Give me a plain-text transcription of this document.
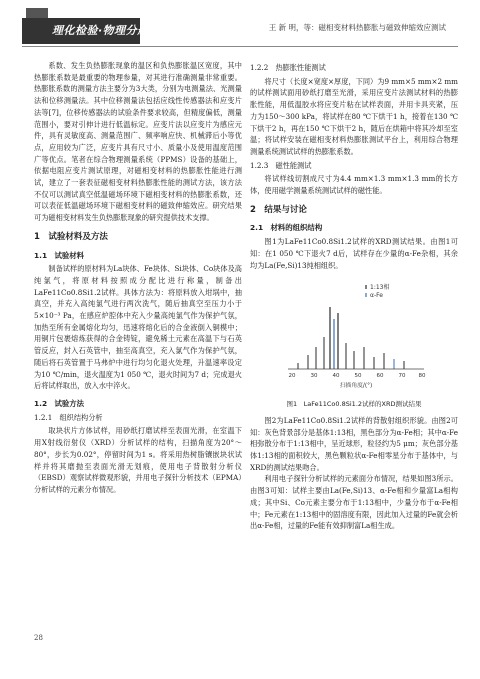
理化检验·物理分册	王 新 明，等：磁相变材料热膨胀与磁致伸缩效应测试

系数、发生负热膨胀现象的温区和负热膨胀温区宽度，其中热膨胀系数是最重要的物理参量，对其进行准确测量非常重要。热膨胀系数的测量方法主要分为3大类，分别为电测量法、光测量法和位移测量法。其中位移测量法包括应线性传感器法和应变片法等[7]，位移传感器法的试验条件要求较高，但精度偏低，测量范围小，要对引伸计进行低温标定。应变片法以应变片为感应元件，具有灵敏度高、测量范围广、频率响应快、机械滞后小等优点，应用较为广泛，应变片具有尺寸小、质量小及使用温度范围广等优点。笔者在综合物理测量系统（PPMS）设备的基础上，依据电阻应变片测试原理，对磁相变材料的热膨胀性能进行测试，建立了一套表征磁相变材料热膨胀性能的测试方法，该方法不仅可以测试真空低温磁场环境下磁相变材料的热膨胀系数，还可以表征低温磁场环境下磁相变材料的磁致伸缩效应。研究结果可为磁相变材料发生负热膨胀现象的研究提供技术支撑。

1　试验材料及方法
1.1　试验材料

制备试样的原材料为La块体、Fe块体、Si块体、Co块体及高纯氯气，将原材料按照成分配比进行称量，制备出LaFe11Co0.8Si1.2试样。具体方法为：将原料放入坩埚中，抽真空，并充入高纯氯气进行两次洗气，随后抽真空至压力小于5×10⁻³ Pa，在感应炉腔体中充入少量高纯氯气作为保护气氛，加热至所有金属熔化均匀，迅速将熔化后的合金液倒入铜模中；用铜片包裹熔炼获得的合金铸锭，避免稀土元素在高温下与石英管反应，封入石英管中，抽至高真空，充入氯气作为保护气氛，随后将石英管置于马弗炉中进行均匀化退火处理，升温速率设定为10 ℃/min，退火温度为1 050 ℃，退火时间为7 d；完成退火后将试样取出，放入水中淬火。

1.2　试验方法
1.2.1　组织结构分析

取块状片方体试样，用砂纸打磨试样至表面光滑，在室温下用X射线衍射仪（XRD）分析试样的结构，扫描角度为20°～80°，步长为0.02°，停留时间为1 s。将采用热树脂镶嵌块状试样并将其磨抛至表面光滑无划痕，使用电子背散射分析仪（EBSD）观察试样微观形貌，并用电子探针分析技术（EPMA）分析试样的元素分布情况。

1.2.2　热膨胀性能测试

将尺寸（长度×宽度×厚度，下同）为9 mm×5 mm×2 mm的试样测试面用砂纸打磨至光滑，采用应变片法测试材料的热膨胀性能，用低温胶水将应变片粘在试样表面，并用卡具夹紧，压力为150～300 kPa，将试样在80 ℃下烘干1 h，接着在130 ℃下烘干2 h，再在150 ℃下烘干2 h，随后在烘箱中将其冷却至室温；将试样安装在磁相变材料热膨胀测试平台上，利用综合物理测量系统测试试样的热膨胀系数。

1.2.3　磁性能测试

将试样线切割成尺寸为4.4 mm×1.3 mm×1.3 mm的长方体，使用磁学测量系统测试试样的磁性能。

2　结果与讨论
2.1　材料的组织结构

图1为LaFe11Co0.8Si1.2试样的XRD测试结果。由图1可知：在1 050 ℃下退火7 d后，试样存在少量的α-Fe杂相，其余均为La(Fe,Si)13纯相组织。

1:13相
α-Fe
20	30	40	50	60	70 80
扫描角度/(°)
图1　LaFe11Co0.8Si1.2试样的XRD测试结果

图2为LaFe11Co0.8Si1.2试样的背散射组织形貌。由图2可知：灰色背景部分是基体1:13相，黑色部分为α-Fe相；其中α-Fe相弥散分布于1:13相中，呈近球形，粒径约为5 μm；灰色部分基体1:13相的面积较大，黑色颗粒状α-Fe相零星分布于基体中，与XRD的测试结果吻合。

利用电子探针分析试样的元素面分布情况，结果如图3所示。由图3可知：试样主要由La(Fe,Si)13、α-Fe相和少量富La相构成；其中Si、Co元素主要分布于1:13相中，少量分布于α-Fe相中；Fe元素在1:13相中的固溶度有限，因此加入过量的Fe就会析出α-Fe相，过量的Fe能有效抑制富La相生成。

28
